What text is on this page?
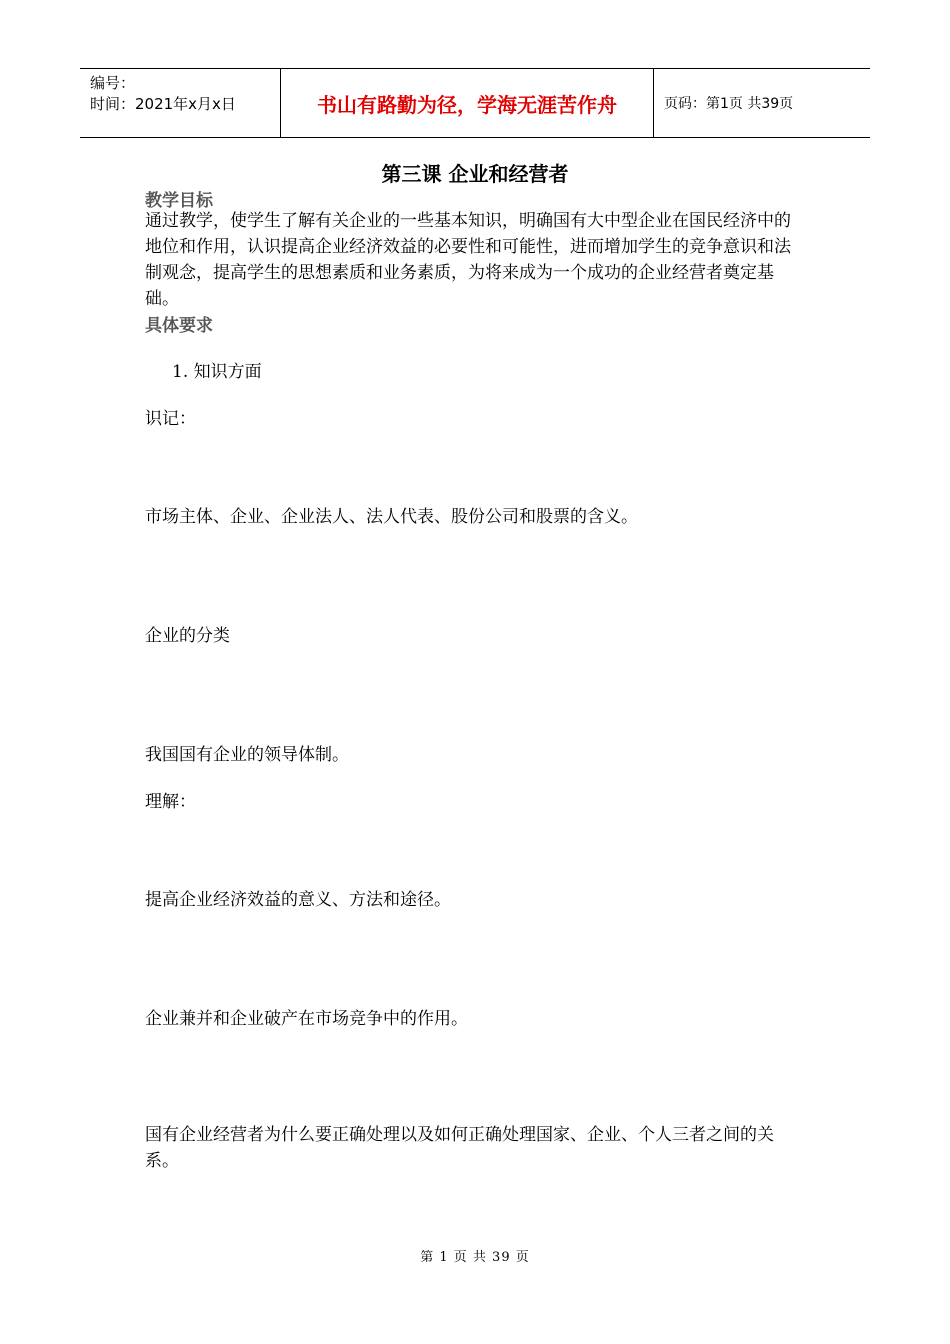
编号：
时间：2021年x月x日	书山有路勤为径，学海无涯苦作舟	页码：第1页 共39页
第三课 企业和经营者
教学目标
通过教学，使学生了解有关企业的一些基本知识，明确国有大中型企业在国民经济中的地位和作用，认识提高企业经济效益的必要性和可能性，进而增加学生的竞争意识和法制观念，提高学生的思想素质和业务素质，为将来成为一个成功的企业经营者奠定基础。
具体要求
1. 知识方面
识记：
市场主体、企业、企业法人、法人代表、股份公司和股票的含义。
企业的分类
我国国有企业的领导体制。
理解：
提高企业经济效益的意义、方法和途径。
企业兼并和企业破产在市场竞争中的作用。
国有企业经营者为什么要正确处理以及如何正确处理国家、企业、个人三者之间的关系。
第 1 页 共 39 页
